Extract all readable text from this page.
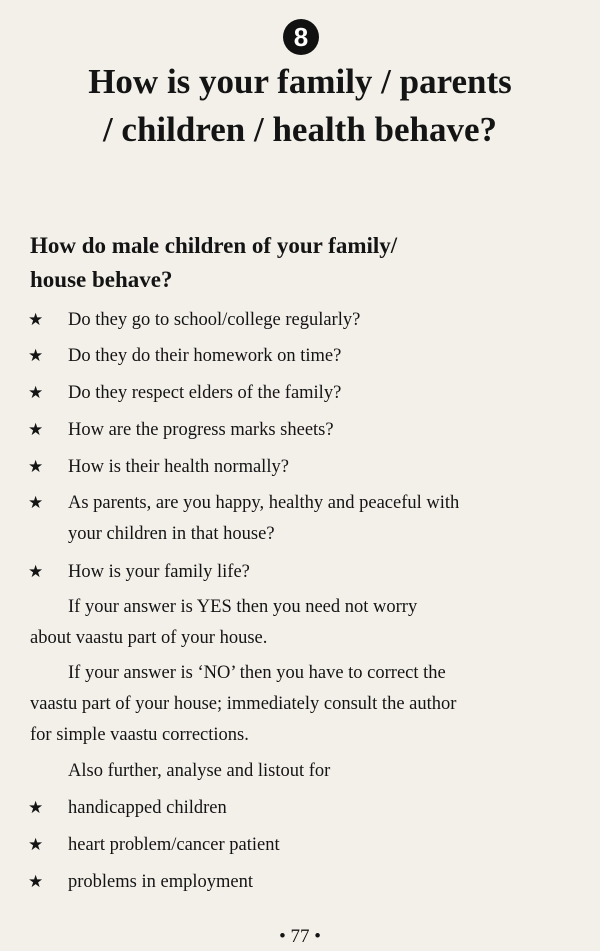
8
How is your family / parents
/ children / health behave?
How do male children of your family/
house behave?
★	Do they go to school/college regularly?
★	Do they do their homework on time?
★	Do they respect elders of the family?
★	How are the progress marks sheets?
★	How is their health normally?
★	As parents, are you happy, healthy and peaceful with
your children in that house?
★	How is your family life?

If your answer is YES then you need not worry
about vaastu part of your house.

If your answer is ‘NO’ then you have to correct the
vaastu part of your house; immediately consult the author
for simple vaastu corrections.

Also further, analyse and listout for

★	handicapped children
★	heart problem/cancer patient
★	problems in employment
• 77 •
